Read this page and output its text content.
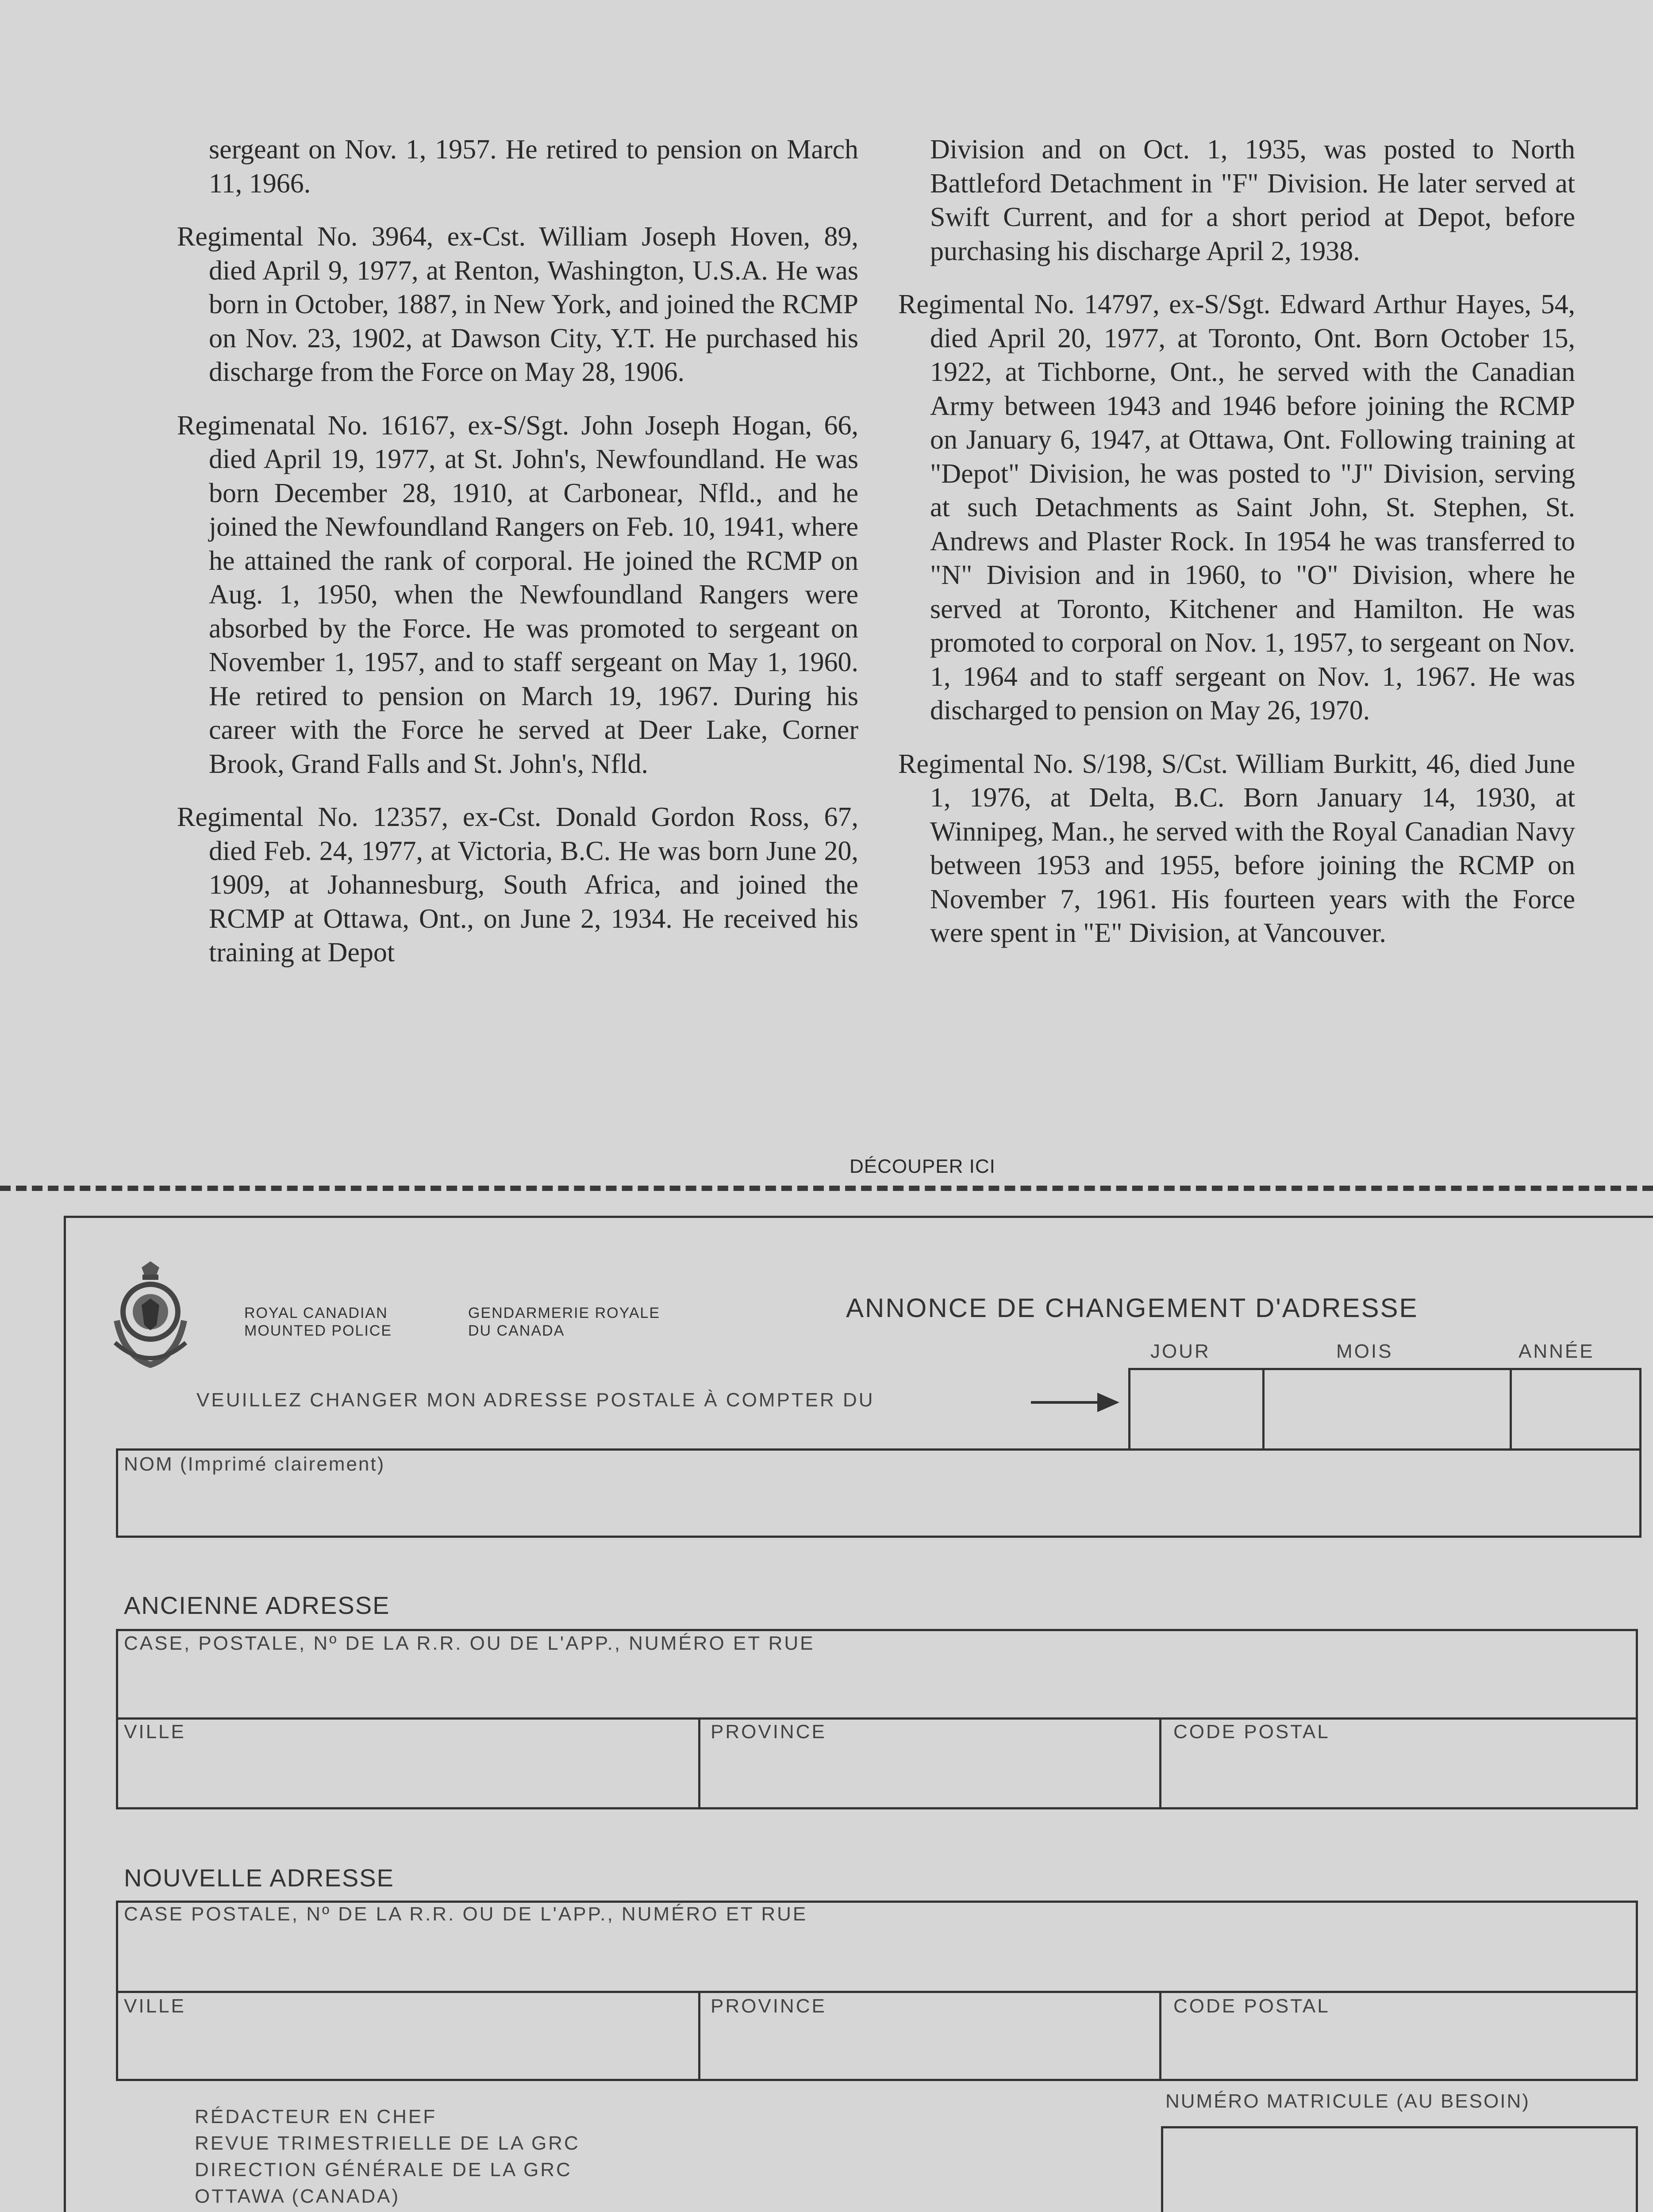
sergeant on Nov. 1, 1957. He retired to pension on March 11, 1966.

Regimental No. 3964, ex-Cst. William Joseph Hoven, 89, died April 9, 1977, at Renton, Washington, U.S.A. He was born in October, 1887, in New York, and joined the RCMP on Nov. 23, 1902, at Dawson City, Y.T. He purchased his discharge from the Force on May 28, 1906.

Regimenatal No. 16167, ex-S/Sgt. John Joseph Hogan, 66, died April 19, 1977, at St. John's, Newfoundland. He was born December 28, 1910, at Carbonear, Nfld., and he joined the Newfoundland Rangers on Feb. 10, 1941, where he attained the rank of corporal. He joined the RCMP on Aug. 1, 1950, when the Newfoundland Rangers were absorbed by the Force. He was promoted to sergeant on November 1, 1957, and to staff sergeant on May 1, 1960. He retired to pension on March 19, 1967. During his career with the Force he served at Deer Lake, Corner Brook, Grand Falls and St. John's, Nfld.

Regimental No. 12357, ex-Cst. Donald Gordon Ross, 67, died Feb. 24, 1977, at Victoria, B.C. He was born June 20, 1909, at Johannesburg, South Africa, and joined the RCMP at Ottawa, Ont., on June 2, 1934. He received his training at Depot

Division and on Oct. 1, 1935, was posted to North Battleford Detachment in "F" Division. He later served at Swift Current, and for a short period at Depot, before purchasing his discharge April 2, 1938.

Regimental No. 14797, ex-S/Sgt. Edward Arthur Hayes, 54, died April 20, 1977, at Toronto, Ont. Born October 15, 1922, at Tichborne, Ont., he served with the Canadian Army between 1943 and 1946 before joining the RCMP on January 6, 1947, at Ottawa, Ont. Following training at "Depot" Division, he was posted to "J" Division, serving at such Detachments as Saint John, St. Stephen, St. Andrews and Plaster Rock. In 1954 he was transferred to "N" Division and in 1960, to "O" Division, where he served at Toronto, Kitchener and Hamilton. He was promoted to corporal on Nov. 1, 1957, to sergeant on Nov. 1, 1964 and to staff sergeant on Nov. 1, 1967. He was discharged to pension on May 26, 1970.

Regimental No. S/198, S/Cst. William Burkitt, 46, died June 1, 1976, at Delta, B.C. Born January 14, 1930, at Winnipeg, Man., he served with the Royal Canadian Navy between 1953 and 1955, before joining the RCMP on November 7, 1961. His fourteen years with the Force were spent in "E" Division, at Vancouver.

DÉCOUPER ICI
ROYAL CANADIAN
MOUNTED POLICE
GENDARMERIE ROYALE
DU CANADA
ANNONCE DE CHANGEMENT D'ADRESSE
JOUR	MOIS	ANNÉE
VEUILLEZ CHANGER MON ADRESSE POSTALE À COMPTER DU
NOM (Imprimé clairement)
ANCIENNE ADRESSE
CASE, POSTALE, Nº DE LA R.R. OU DE L'APP., NUMÉRO ET RUE
VILLE	PROVINCE	CODE POSTAL
NOUVELLE ADRESSE
CASE POSTALE, Nº DE LA R.R. OU DE L'APP., NUMÉRO ET RUE
VILLE	PROVINCE	CODE POSTAL
NUMÉRO MATRICULE (AU BESOIN)
RÉDACTEUR EN CHEF
REVUE TRIMESTRIELLE DE LA GRC
DIRECTION GÉNÉRALE DE LA GRC
OTTAWA (CANADA)
